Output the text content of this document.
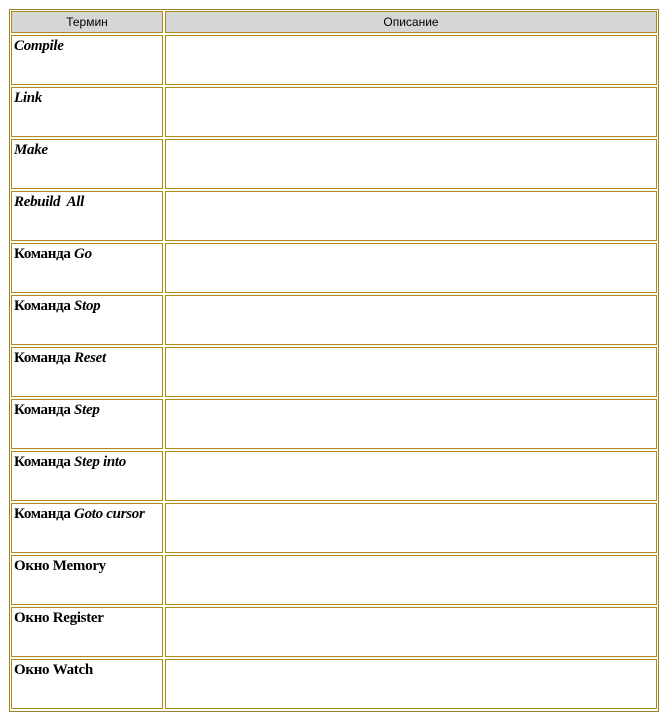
Термин	Описание
Compile	
Link	
Make	
Rebuild  All	
Команда Go	
Команда Stop	
Команда Reset	
Команда Step	
Команда Step into	
Команда Goto cursor	
Окно Memory	
Окно Register	
Окно Watch	
